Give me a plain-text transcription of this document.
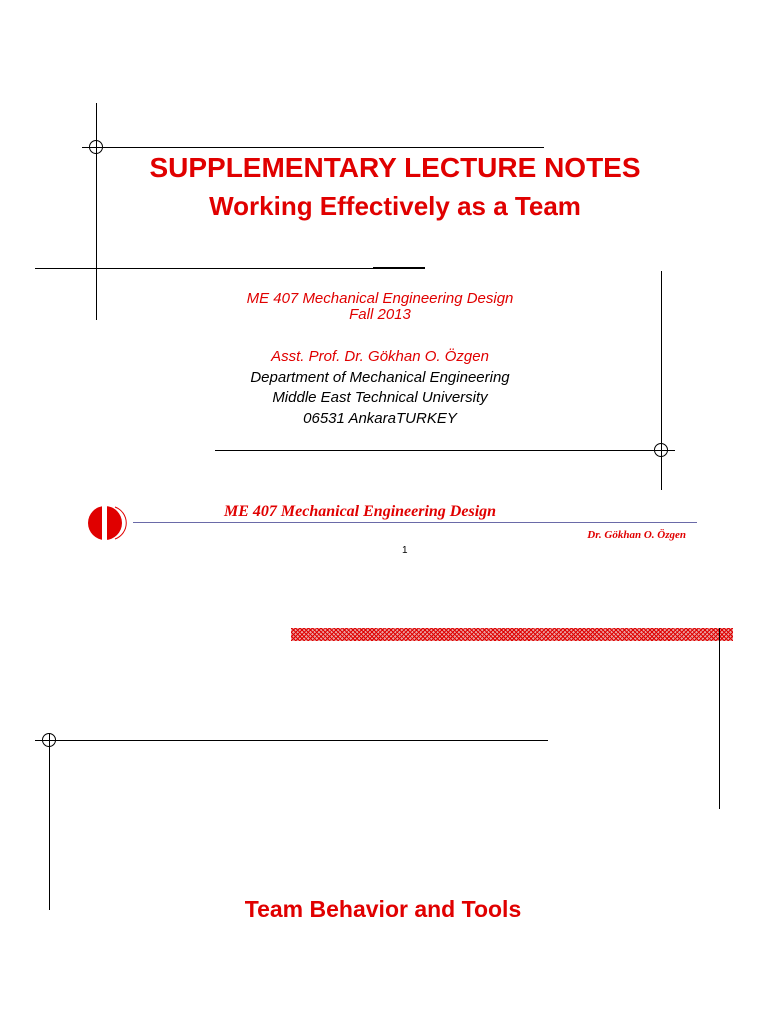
SUPPLEMENTARY LECTURE NOTES
Working Effectively as a Team
ME 407 Mechanical Engineering Design
Fall 2013
Asst. Prof. Dr. Gökhan O. Özgen
Department of Mechanical Engineering
Middle East Technical University
06531 AnkaraTURKEY
ME 407 Mechanical Engineering Design
Dr. Gökhan O. Özgen
1
Team Behavior and Tools
